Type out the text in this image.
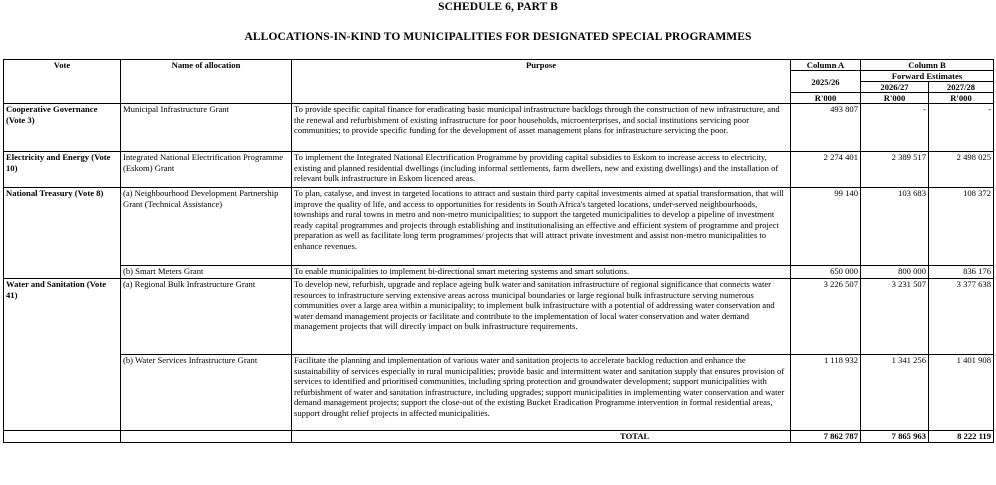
SCHEDULE 6, PART B
ALLOCATIONS-IN-KIND TO MUNICIPALITIES FOR DESIGNATED SPECIAL PROGRAMMES
Vote	Name of allocation	Purpose	Column A	Column B	
			2025/26	Forward Estimates	
				2026/27	2027/28
			R'000	R'000	R'000
Cooperative Governance (Vote 3)	Municipal Infrastructure Grant	To provide specific capital finance for eradicating basic municipal infrastructure backlogs through the construction of new infrastructure, and the renewal and refurbishment of existing infrastructure for poor households, microenterprises, and social institutions servicing poor communities; to provide specific funding for the development of asset management plans for infrastructure servicing the poor.	493 807	-	-
Electricity and Energy (Vote 10)	Integrated National Electrification Programme (Eskom) Grant	To implement the Integrated National Electrification Programme by providing capital subsidies to Eskom to increase access to electricity, existing and planned residential dwellings (including informal settlements, farm dwellers, new and existing dwellings) and the installation of relevant bulk infrastructure in Eskom licenced areas.	2 274 401	2 389 517	2 498 025
National Treasury (Vote 8)	(a) Neighbourhood Development Partnership Grant (Technical Assistance)	To plan, catalyse, and invest in targeted locations to attract and sustain third party capital investments aimed at spatial transformation, that will improve the quality of life, and access to opportunities for residents in South Africa's targeted locations, under-served neighbourhoods, townships and rural towns in metro and non-metro municipalities; to support the targeted municipalities to develop a pipeline of investment ready capital programmes and projects through establishing and institutionalising an effective and efficient system of programme and project preparation as well as facilitate long term programmes/ projects that will attract private investment and assist non-metro municipalities to enhance revenues.	99 140	103 683	108 372
	(b) Smart Meters Grant	To enable municipalities to implement bi-directional smart metering systems and smart solutions.	650 000	800 000	836 176
Water and Sanitation (Vote 41)	(a) Regional Bulk Infrastructure Grant	To develop new, refurbish, upgrade and replace ageing bulk water and sanitation infrastructure of regional significance that connects water resources to infrastructure serving extensive areas across municipal boundaries or large regional bulk infrastructure serving numerous communities over a large area within a municipality; to implement bulk infrastructure with a potential of addressing water conservation and water demand management projects or facilitate and contribute to the implementation of local water conservation and water demand management projects that will directly impact on bulk infrastructure requirements.	3 226 507	3 231 507	3 377 638
	(b) Water Services Infrastructure Grant	Facilitate the planning and implementation of various water and sanitation projects to accelerate backlog reduction and enhance the sustainability of services especially in rural municipalities; provide basic and intermittent water and sanitation supply that ensures provision of services to identified and prioritised communities, including spring protection and groundwater development; support municipalities with refurbishment of water and sanitation infrastructure, including upgrades; support municipalities in implementing water conservation and water demand management projects; support the close-out of the existing Bucket Eradication Programme intervention in formal residential areas, support drought relief projects in affected municipalities.	1 118 932	1 341 256	1 401 908
		TOTAL	7 862 787	7 865 963	8 222 119
